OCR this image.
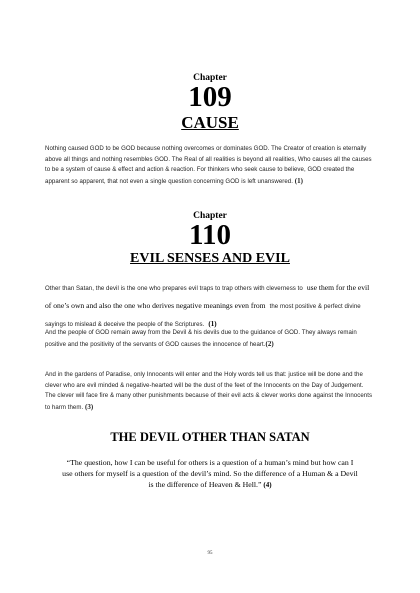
Chapter
109
CAUSE

Nothing caused GOD to be GOD because nothing overcomes or dominates GOD. The Creator of creation is eternally above all things and nothing resembles GOD. The Real of all realities is beyond all realities, Who causes all the causes to be a system of cause & effect and action & reaction. For thinkers who seek cause to believe, GOD created the apparent so apparent, that not even a single question concerning GOD is left unanswered. (1)

Chapter
110
EVIL SENSES AND EVIL

Other than Satan, the devil is the one who prepares evil traps to trap others with cleverness to use them for the evil of one’s own and also the one who derives negative meanings even from the most positive & perfect divine sayings to mislead & deceive the people of the Scriptures. (1)

And the people of GOD remain away from the Devil & his devils due to the guidance of GOD. They always remain positive and the positivity of the servants of GOD causes the innocence of heart.(2)

And in the gardens of Paradise, only Innocents will enter and the Holy words tell us that: justice will be done and the clever who are evil minded & negative-hearted will be the dust of the feet of the Innocents on the Day of Judgement. The clever will face fire & many other punishments because of their evil acts & clever works done against the Innocents to harm them. (3)

THE DEVIL OTHER THAN SATAN

“The question, how I can be useful for others is a question of a human’s mind but how can I use others for myself is a question of the devil’s mind. So the difference of a Human & a Devil is the difference of Heaven & Hell.” (4)

95
